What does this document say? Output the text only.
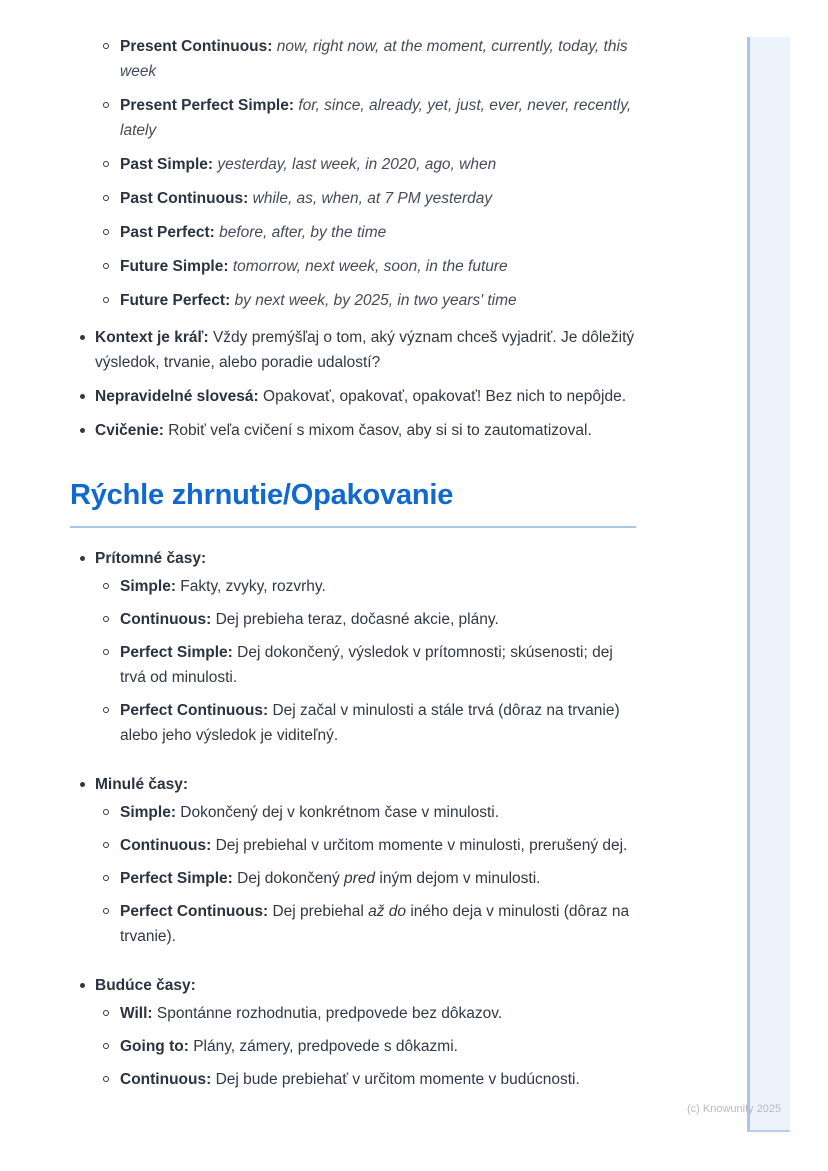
Present Continuous: now, right now, at the moment, currently, today, this week
Present Perfect Simple: for, since, already, yet, just, ever, never, recently, lately
Past Simple: yesterday, last week, in 2020, ago, when
Past Continuous: while, as, when, at 7 PM yesterday
Past Perfect: before, after, by the time
Future Simple: tomorrow, next week, soon, in the future
Future Perfect: by next week, by 2025, in two years' time
Kontext je kráľ: Vždy premýšľaj o tom, aký význam chceš vyjadriť. Je dôležitý výsledok, trvanie, alebo poradie udalostí?
Nepravidelné slovesá: Opakovať, opakovať, opakovať! Bez nich to nepôjde.
Cvičenie: Robiť veľa cvičení s mixom časov, aby si si to zautomatizoval.
Rýchle zhrnutie/Opakovanie
Prítomné časy:
Simple: Fakty, zvyky, rozvrhy.
Continuous: Dej prebieha teraz, dočasné akcie, plány.
Perfect Simple: Dej dokončený, výsledok v prítomnosti; skúsenosti; dej trvá od minulosti.
Perfect Continuous: Dej začal v minulosti a stále trvá (dôraz na trvanie) alebo jeho výsledok je viditeľný.
Minulé časy:
Simple: Dokončený dej v konkrétnom čase v minulosti.
Continuous: Dej prebiehal v určitom momente v minulosti, prerušený dej.
Perfect Simple: Dej dokončený pred iným dejom v minulosti.
Perfect Continuous: Dej prebiehal až do iného deja v minulosti (dôraz na trvanie).
Budúce časy:
Will: Spontánne rozhodnutia, predpovede bez dôkazov.
Going to: Plány, zámery, predpovede s dôkazmi.
Continuous: Dej bude prebiehať v určitom momente v budúcnosti.
(c) Knowunity 2025
